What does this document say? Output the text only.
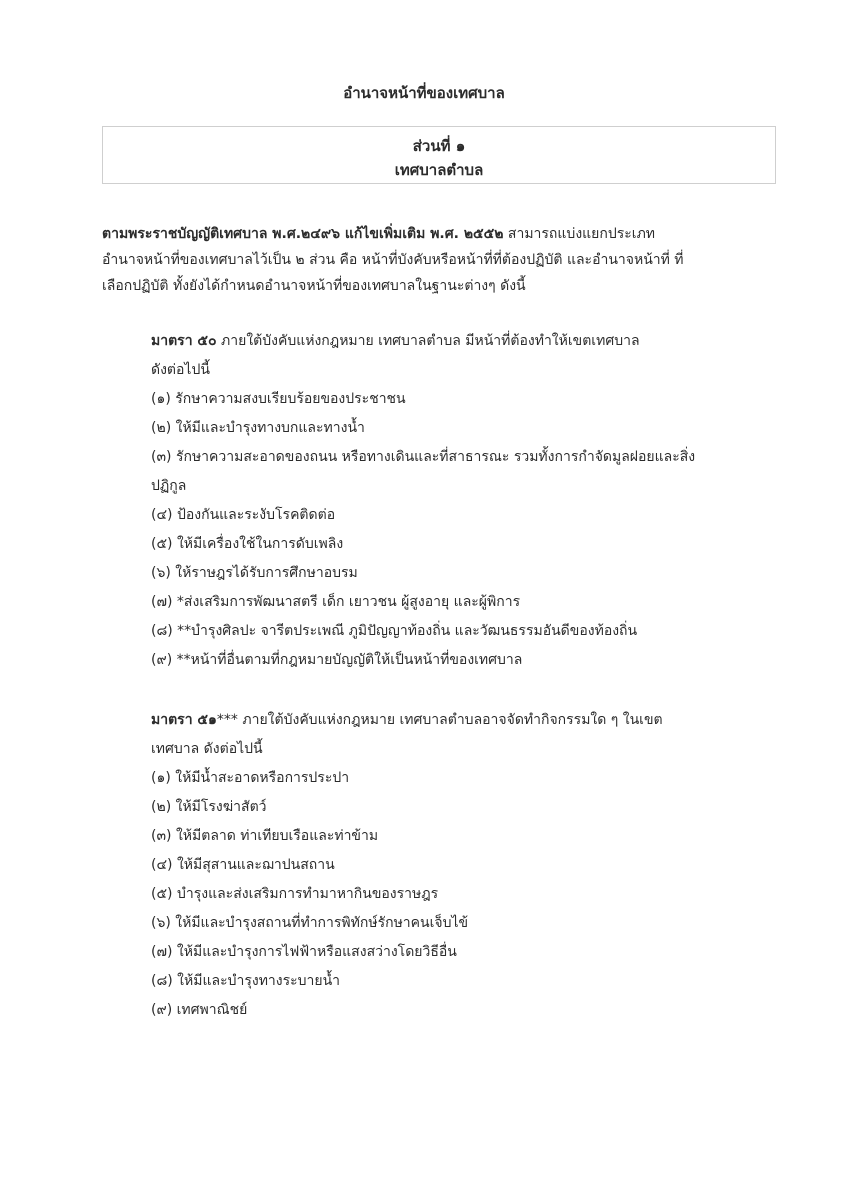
อำนาจหน้าที่ของเทศบาล
ส่วนที่ ๑
เทศบาลตำบล
ตามพระราชบัญญัติเทศบาล พ.ศ.๒๔๙๖ แก้ไขเพิ่มเติม พ.ศ. ๒๕๕๒ สามารถแบ่งแยกประเภท
อำนาจหน้าที่ของเทศบาลไว้เป็น ๒ ส่วน คือ หน้าที่บังคับหรือหน้าที่ที่ต้องปฏิบัติ และอำนาจหน้าที่ ที่
เลือกปฏิบัติ ทั้งยังได้กำหนดอำนาจหน้าที่ของเทศบาลในฐานะต่างๆ ดังนี้
มาตรา ๕๐ ภายใต้บังคับแห่งกฎหมาย เทศบาลตำบล มีหน้าที่ต้องทำให้เขตเทศบาล
ดังต่อไปนี้
(๑) รักษาความสงบเรียบร้อยของประชาชน
(๒) ให้มีและบำรุงทางบกและทางน้ำ
(๓) รักษาความสะอาดของถนน หรือทางเดินและที่สาธารณะ รวมทั้งการกำจัดมูลฝอยและสิ่ง
ปฏิกูล
(๔) ป้องกันและระงับโรคติดต่อ
(๕) ให้มีเครื่องใช้ในการดับเพลิง
(๖) ให้ราษฎรได้รับการศึกษาอบรม
(๗) *ส่งเสริมการพัฒนาสตรี เด็ก เยาวชน ผู้สูงอายุ และผู้พิการ
(๘) **บำรุงศิลปะ จารีตประเพณี ภูมิปัญญาท้องถิ่น และวัฒนธรรมอันดีของท้องถิ่น
(๙) **หน้าที่อื่นตามที่กฎหมายบัญญัติให้เป็นหน้าที่ของเทศบาล
มาตรา ๕๑*** ภายใต้บังคับแห่งกฎหมาย เทศบาลตำบลอาจจัดทำกิจกรรมใด ๆ ในเขต
เทศบาล ดังต่อไปนี้
(๑) ให้มีน้ำสะอาดหรือการประปา
(๒) ให้มีโรงฆ่าสัตว์
(๓) ให้มีตลาด ท่าเทียบเรือและท่าข้าม
(๔) ให้มีสุสานและฌาปนสถาน
(๕) บำรุงและส่งเสริมการทำมาหากินของราษฎร
(๖) ให้มีและบำรุงสถานที่ทำการพิทักษ์รักษาคนเจ็บไข้
(๗) ให้มีและบำรุงการไฟฟ้าหรือแสงสว่างโดยวิธีอื่น
(๘) ให้มีและบำรุงทางระบายน้ำ
(๙) เทศพาณิชย์
